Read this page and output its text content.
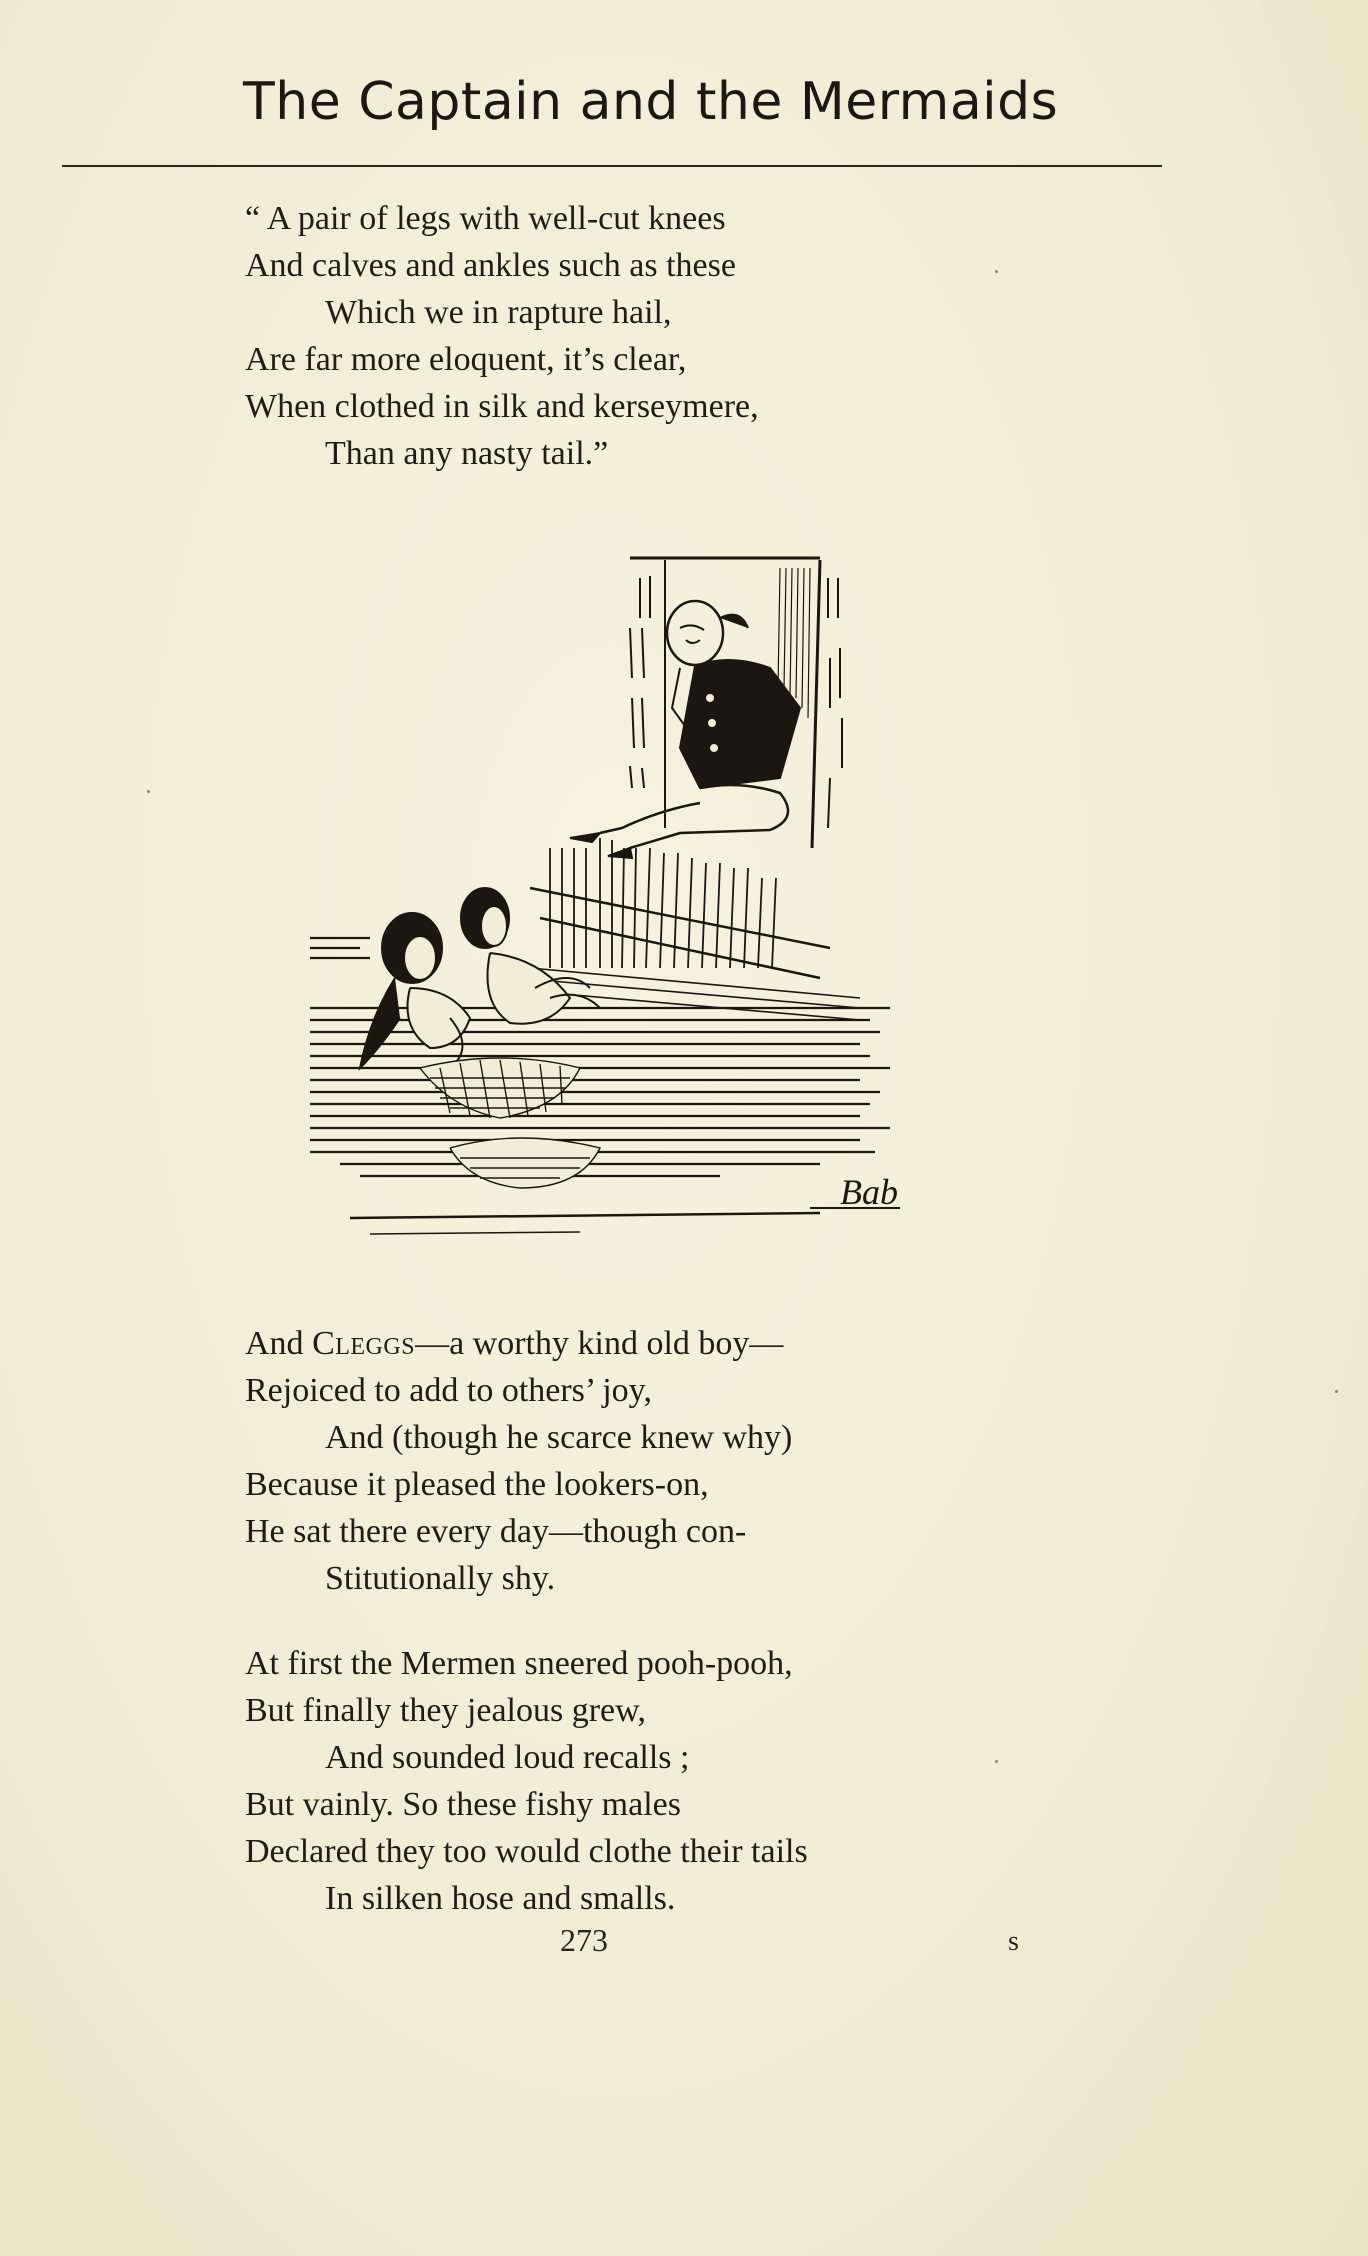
The Captain and the Mermaids
“ A pair of legs with well-cut knees
And calves and ankles such as these
Which we in rapture hail,
Are far more eloquent, it’s clear,
When clothed in silk and kerseymere,
Than any nasty tail.”
Bab
And Cleggs—a worthy kind old boy—
Rejoiced to add to others’ joy,
And (though he scarce knew why)
Because it pleased the lookers-on,
He sat there every day—though con-
Stitutionally shy.
At first the Mermen sneered pooh-pooh,
But finally they jealous grew,
And sounded loud recalls ;
But vainly. So these fishy males
Declared they too would clothe their tails
In silken hose and smalls.
273	s
